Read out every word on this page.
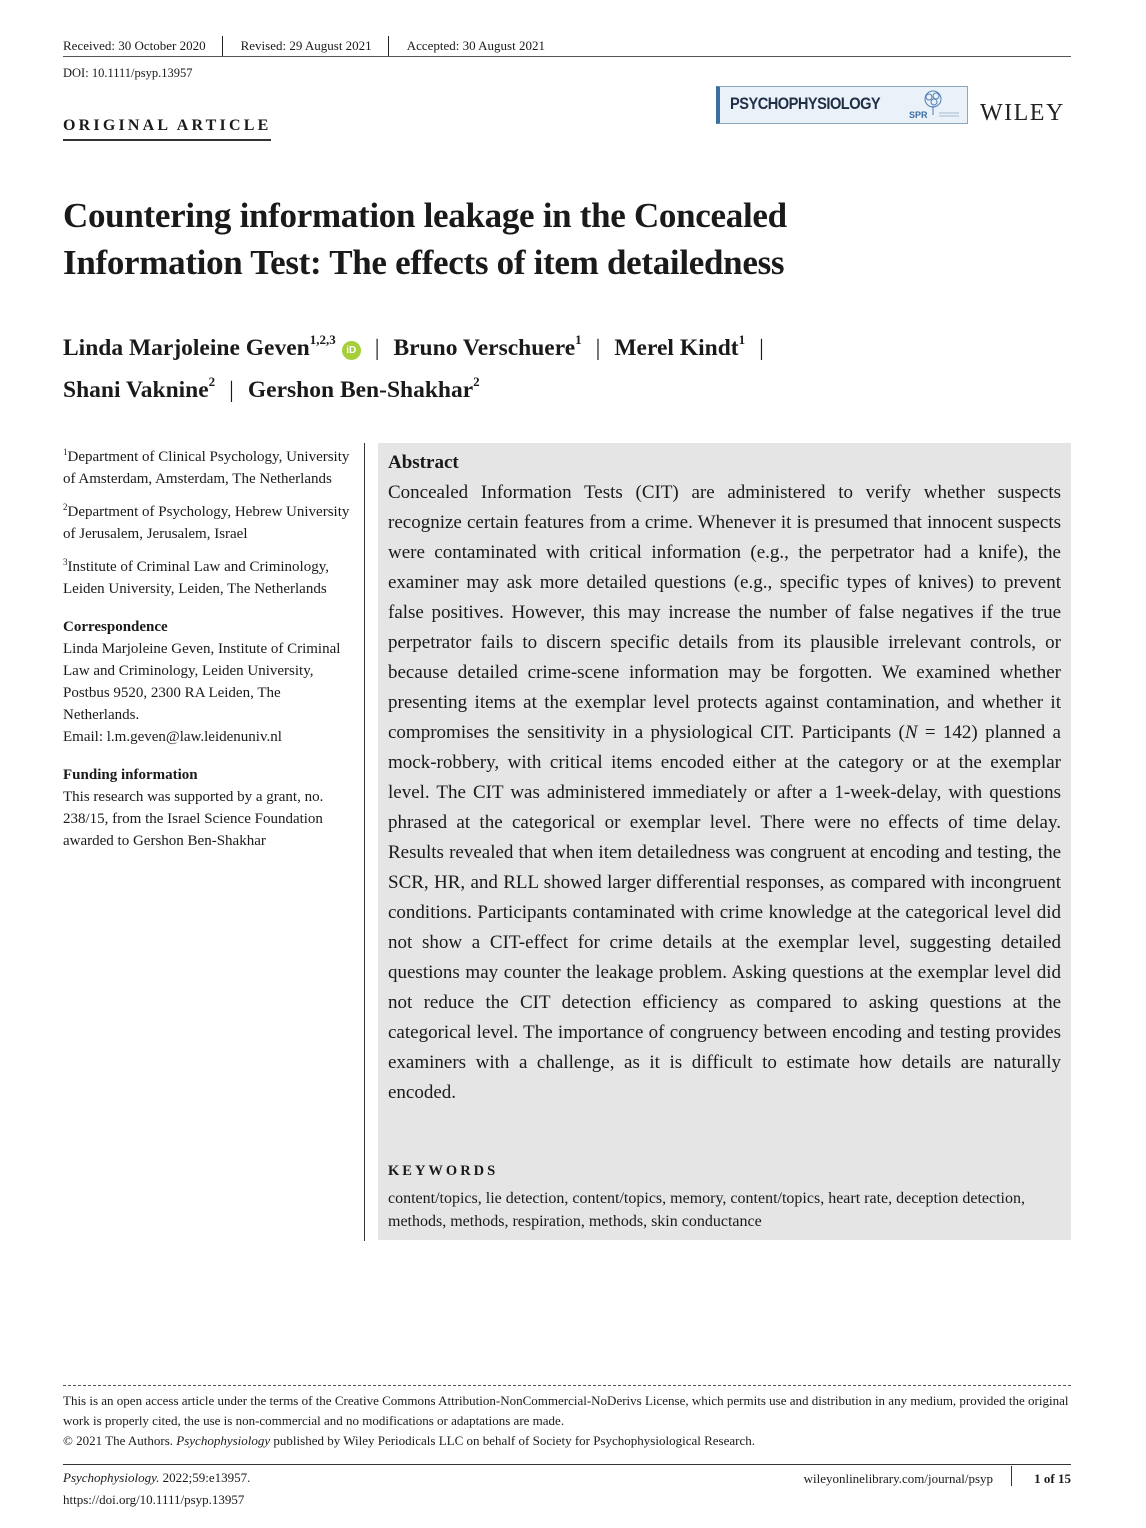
Received: 30 October 2020	Revised: 29 August 2021	Accepted: 30 August 2021
DOI: 10.1111/psyp.13957
ORIGINAL ARTICLE
PSYCHOPHYSIOLOGY
SPR WILEY
Countering information leakage in the Concealed
Information Test: The effects of item detailedness
Linda Marjoleine Geven$^{1,2,3}$iD | Bruno Verschuere$^1$ | Merel Kindt$^1$ |
Shani Vaknine$^2$ | Gershon Ben-Shakhar$^2$

$^1$Department of Clinical Psychology, University of Amsterdam, Amsterdam, The Netherlands

$^2$Department of Psychology, Hebrew University of Jerusalem, Jerusalem, Israel

$^3$Institute of Criminal Law and Criminology, Leiden University, Leiden, The Netherlands

Correspondence
Linda Marjoleine Geven, Institute of Criminal Law and Criminology, Leiden University, Postbus 9520, 2300 RA Leiden, The Netherlands.
Email: l.m.geven@law.leidenuniv.nl
Funding information
This research was supported by a grant, no. 238/15, from the Israel Science Foundation awarded to Gershon Ben-Shakhar
Abstract
Concealed Information Tests (CIT) are administered to verify whether suspects recognize certain features from a crime. Whenever it is presumed that innocent suspects were contaminated with critical information (e.g., the perpetrator had a knife), the examiner may ask more detailed questions (e.g., specific types of knives) to prevent false positives. However, this may increase the number of false negatives if the true perpetrator fails to discern specific details from its plausible irrelevant controls, or because detailed crime-scene information may be forgotten. We examined whether presenting items at the exemplar level protects against contamination, and whether it compromises the sensitivity in a physiological CIT. Participants (N = 142) planned a mock-robbery, with critical items encoded either at the category or at the exemplar level. The CIT was administered immediately or after a 1-week-delay, with questions phrased at the categorical or exemplar level. There were no effects of time delay. Results revealed that when item detailedness was congruent at encoding and testing, the SCR, HR, and RLL showed larger differential responses, as compared with incongruent conditions. Participants contaminated with crime knowledge at the categorical level did not show a CIT-effect for crime details at the exemplar level, suggesting detailed questions may counter the leakage problem. Asking questions at the exemplar level did not reduce the CIT detection efficiency as compared to asking questions at the categorical level. The importance of congruency between encoding and testing provides examiners with a challenge, as it is difficult to estimate how details are naturally encoded.
KEYWORDS
content/topics, lie detection, content/topics, memory, content/topics, heart rate, deception detection, methods, methods, respiration, methods, skin conductance
This is an open access article under the terms of the Creative Commons Attribution-NonCommercial-NoDerivs License, which permits use and distribution in any medium, provided the original work is properly cited, the use is non-commercial and no modifications or adaptations are made.
© 2021 The Authors. Psychophysiology published by Wiley Periodicals LLC on behalf of Society for Psychophysiological Research.
Psychophysiology. 2022;59:e13957.
https://doi.org/10.1111/psyp.13957
wileyonlinelibrary.com/journal/psyp	1 of 15
